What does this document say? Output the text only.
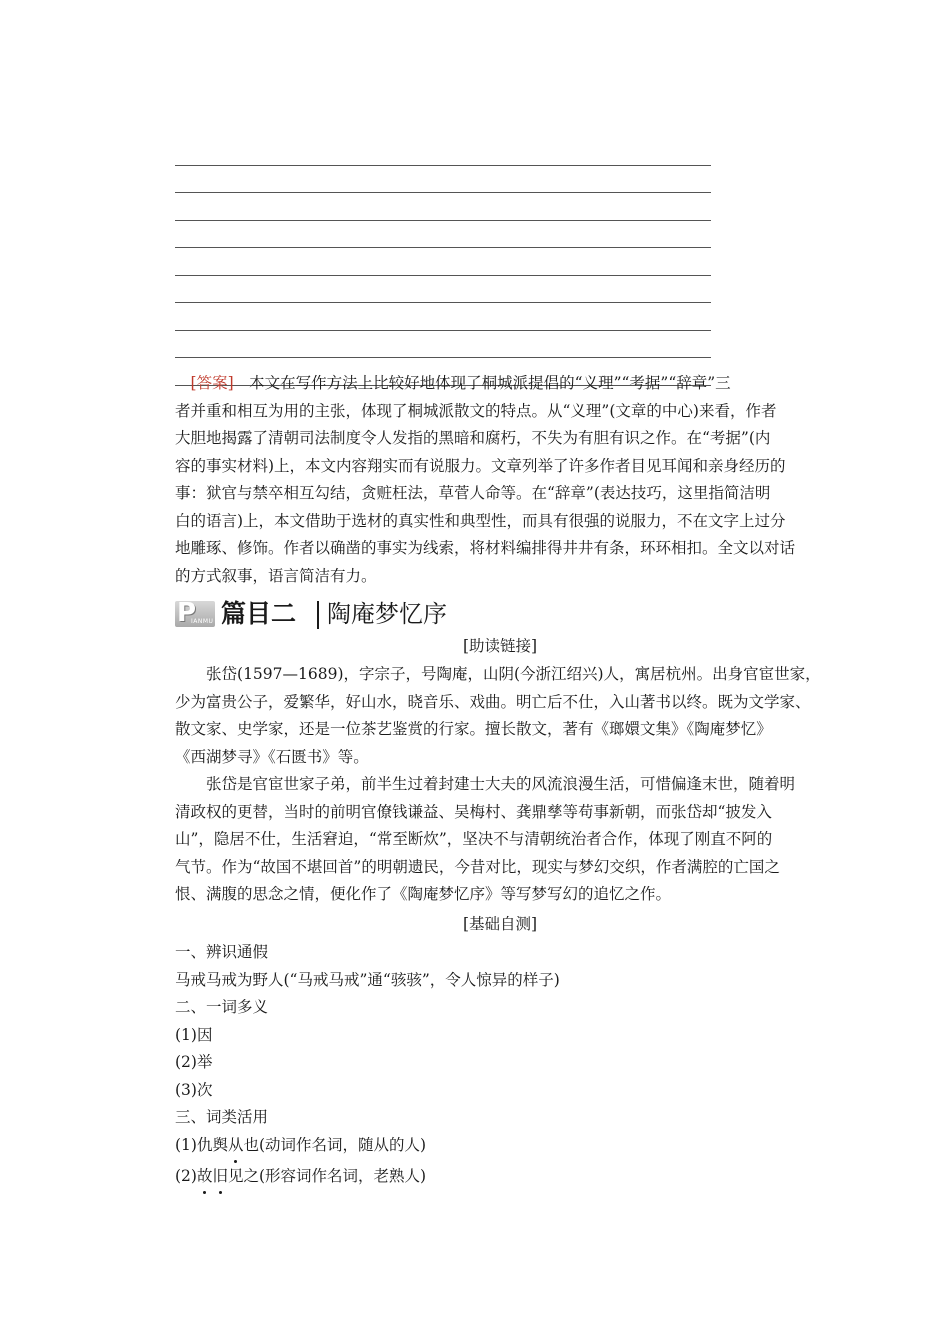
　[答案]　 本文在写作方法上比较好地体现了桐城派提倡的“义理”“考据”“辞章”三
者并重和相互为用的主张，体现了桐城派散文的特点。从“义理”(文章的中心)来看，作者
大胆地揭露了清朝司法制度令人发指的黑暗和腐朽，不失为有胆有识之作。在“考据”(内
容的事实材料)上，本文内容翔实而有说服力。文章列举了许多作者目见耳闻和亲身经历的
事：狱官与禁卒相互勾结，贪赃枉法，草菅人命等。在“辞章”(表达技巧，这里指简洁明
白的语言)上，本文借助于选材的真实性和典型性，而具有很强的说服力，不在文字上过分
地雕琢、修饰。作者以确凿的事实为线索，将材料编排得井井有条，环环相扣。全文以对话
的方式叙事，语言简洁有力。
P
IANMU 篇目二 陶庵梦忆序
[助读链接]
　　张岱(1597—1689)，字宗子，号陶庵，山阴(今浙江绍兴)人，寓居杭州。出身官宦世家，
少为富贵公子，爱繁华，好山水，晓音乐、戏曲。明亡后不仕，入山著书以终。既为文学家、
散文家、史学家，还是一位茶艺鉴赏的行家。擅长散文，著有《瑯嬛文集》《陶庵梦忆》
《西湖梦寻》《石匮书》等。
　　张岱是官宦世家子弟，前半生过着封建士大夫的风流浪漫生活，可惜偏逢末世，随着明
清政权的更替，当时的前明官僚钱谦益、吴梅村、龚鼎孳等苟事新朝，而张岱却“披发入
山”，隐居不仕，生活窘迫，“常至断炊”，坚决不与清朝统治者合作，体现了刚直不阿的
气节。作为“故国不堪回首”的明朝遗民，今昔对比，现实与梦幻交织，作者满腔的亡国之
恨、满腹的思念之情，便化作了《陶庵梦忆序》等写梦写幻的追忆之作。
[基础自测]
一、辨识通假
马戒马戒为野人(“马戒马戒”通“骇骇”，令人惊异的样子)
二、一词多义
(1)因
(2)举
(3)次
三、词类活用
(1)仇舆从也(动词作名词，随从的人)
(2)故旧见之(形容词作名词，老熟人)
